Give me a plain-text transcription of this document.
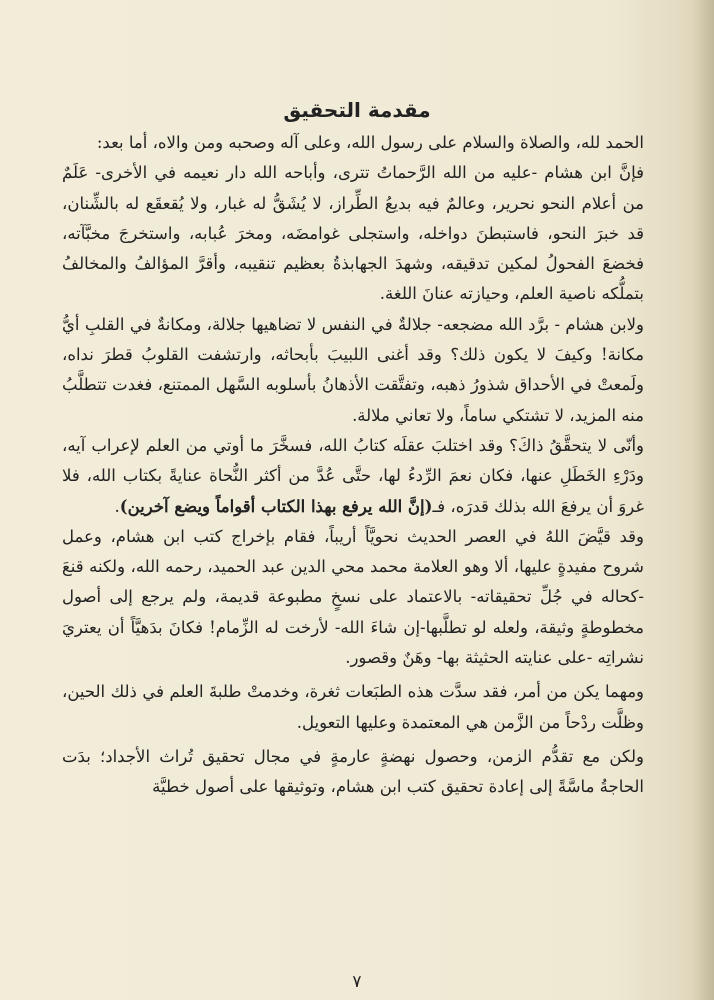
مقدمة التحقيق

الحمد لله، والصلاة والسلام على رسول الله، وعلى آله وصحبه ومن والاه، أما بعد:

فإنَّ ابن هشام -عليه من الله الرَّحماتُ تترى، وأباحه الله دار نعيمه في الأخرى- عَلَمٌ من أعلام النحو نحرير، وعالمٌ فيه بديعُ الطِّراز، لا يُشَقُّ له غبار، ولا يُقعقَع له بالشِّنان، قد خبرَ النحو، فاستبطنَ دواخله، واستجلى غوامضَه، ومخرَ عُبابه، واستخرجَ مخبَّآته، فخضعَ الفحولُ لمكين تدقيقه، وشهدَ الجهابذةُ بعظيم تنقيبه، وأقرَّ المؤالفُ والمخالفُ بتملُّكه ناصية العلم، وحيازته عنانَ اللغة.

ولابن هشام - برَّد الله مضجعه- جلالةٌ في النفس لا تضاهيها جلالة، ومكانةٌ في القلبِ أيُّ مكانة! وكيفَ لا يكون ذلك؟ وقد أغنى اللبيبَ بأبحاثه، وارتشفت القلوبُ قطرَ نداه، ولَمعتْ في الأحداق شذورُ ذهبه، وتفتَّقت الأذهانُ بأسلوبه السَّهل الممتنع، فغدت تتطلَّبُ منه المزيد، لا تشتكي ساماً، ولا تعاني ملالة.

وأنّى لا يتحقَّقُ ذاكَ؟ وقد اختلبَ عقلَه كتابُ الله، فسخَّرَ ما أوتي من العلم لإعراب آيه، ودَرْءِ الخَطَلِ عنها، فكان نعمَ الرِّدءُ لها، حتَّى عُدَّ من أكثر النُّحاة عنايةً بكتاب الله، فلا غروَ أن يرفعَ الله بذلك قدرَه، فـ(إنَّ الله يرفع بهذا الكتاب أقواماً ويضع آخرين).

وقد قيَّضَ اللهُ في العصر الحديث نحويَّاً أريباً، فقام بإخراج كتب ابن هشام، وعمل شروح مفيدةٍ عليها، ألا وهو العلامة محمد محي الدين عبد الحميد، رحمه الله، ولكنه قنعَ -كحاله في جُلِّ تحقيقاته- بالاعتماد على نسخٍ مطبوعة قديمة، ولم يرجع إلى أصول مخطوطةٍ وثيقة، ولعله لو تطلَّبها-إن شاءَ الله- لأرخت له الزِّمام! فكانَ بدَهيَّاً أن يعتريَ نشراتِه -على عنايته الحثيثة بها- وهَنٌ وقصور.

ومهما يكن من أمر، فقد سدَّت هذه الطبَعات ثغرة، وخدمتْ طلبةَ العلم في ذلك الحين، وظلَّت ردْحاً من الزَّمن هي المعتمدة وعليها التعويل.

ولكن مع تقدُّم الزمن، وحصول نهضةٍ عارمةٍ في مجال تحقيق تُراث الأجداد؛ بدَت الحاجةُ ماسَّةً إلى إعادة تحقيق كتب ابن هشام، وتوثيقها على أصول خطيَّة

٧
